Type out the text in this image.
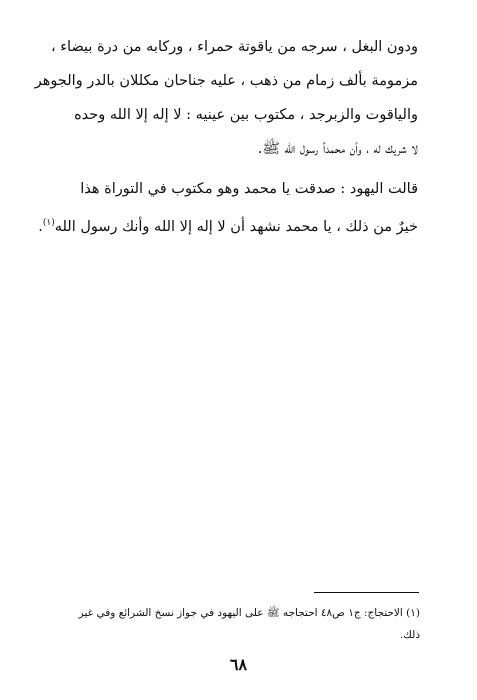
ودون البغل ، سرجه من ياقوتة حمراء ، وركابه من درة بيضاء ،
مزمومة بألف زمام من ذهب ، عليه جناحان مكللان بالدر والجوهر
والياقوت والزبرجد ، مكتوب بين عينيه : لا إله إلا الله وحده
لا شريك له ، وأن محمداً رسول الله ﷺ.
قالت اليهود : صدقت يا محمد وهو مكتوب في التوراة هذا
خيرٌ من ذلك ، يا محمد نشهد أن لا إله إلا الله وأنك رسول الله$^{(١)}$.
(١) الاحتجاج: ج١ ص٤٨ احتجاجه ﷺ على اليهود في جواز نسخ الشرائع وفي غير
ذلك.
٦٨
